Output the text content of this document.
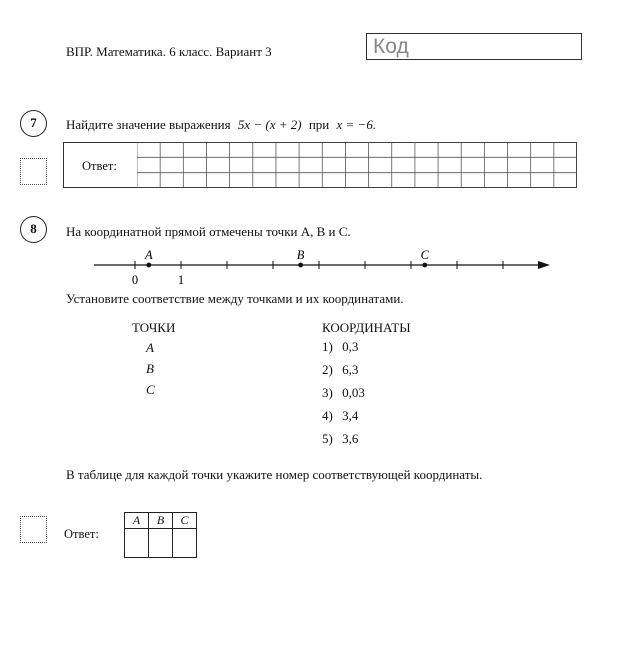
ВПР. Математика. 6 класс. Вариант 3	Код
7	Найдите значение выражения 5x − (x + 2) при x = −6.
Ответ:
8	На координатной прямой отмечены точки A, B и C.
0	1
A	B	C
Установите соответствие между точками и их координатами.
ТОЧКИ
A
B
C
КООРДИНАТЫ
1) 0,3
2) 6,3
3) 0,03
4) 3,4
5) 3,6
В таблице для каждой точки укажите номер соответствующей координаты.
Ответ:
A	B	C
